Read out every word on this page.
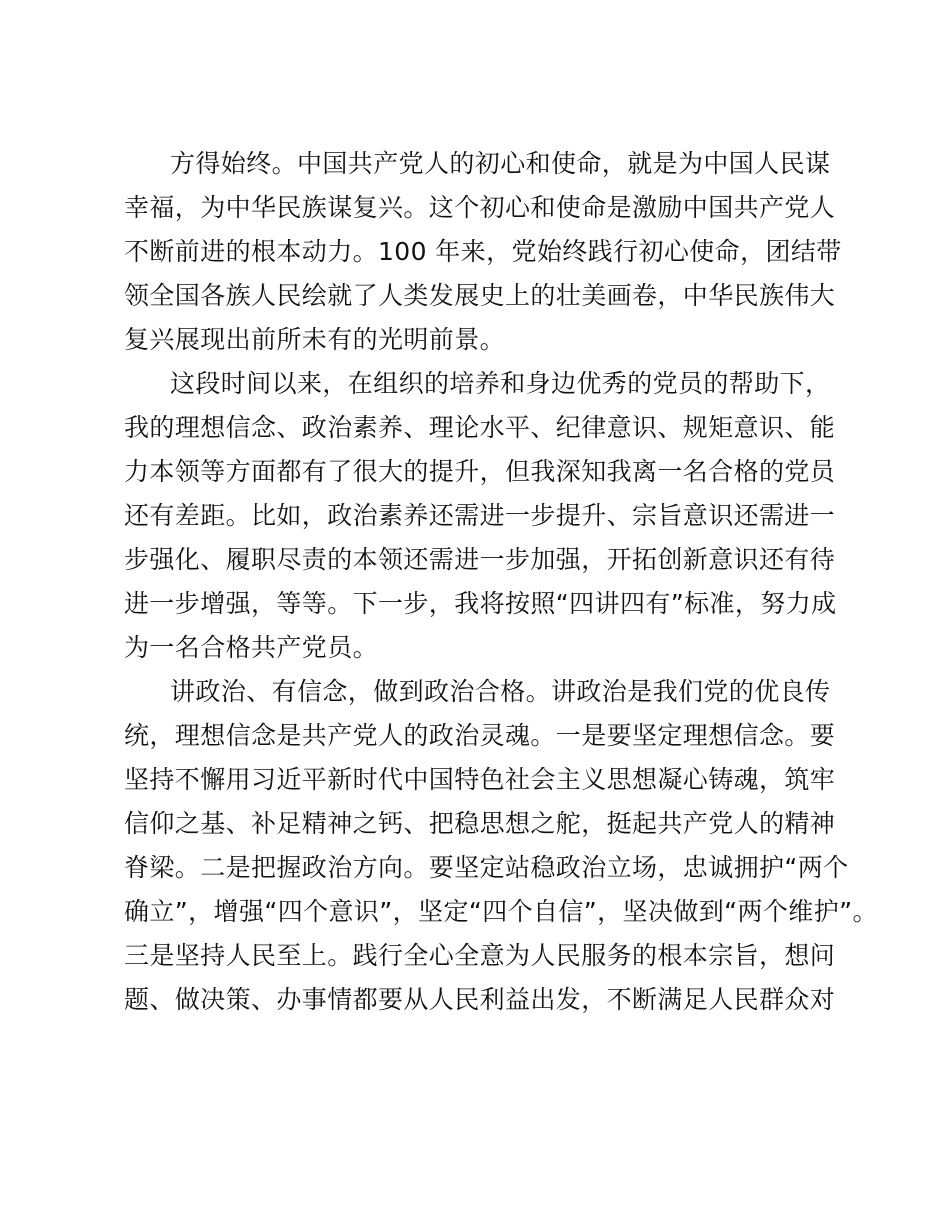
方得始终。中国共产党人的初心和使命，就是为中国人民谋
幸福，为中华民族谋复兴。这个初心和使命是激励中国共产党人
不断前进的根本动力。100 年来，党始终践行初心使命，团结带
领全国各族人民绘就了人类发展史上的壮美画卷，中华民族伟大
复兴展现出前所未有的光明前景。
这段时间以来，在组织的培养和身边优秀的党员的帮助下，
我的理想信念、政治素养、理论水平、纪律意识、规矩意识、能
力本领等方面都有了很大的提升，但我深知我离一名合格的党员
还有差距。比如，政治素养还需进一步提升、宗旨意识还需进一
步强化、履职尽责的本领还需进一步加强，开拓创新意识还有待
进一步增强，等等。下一步，我将按照“四讲四有”标准，努力成
为一名合格共产党员。
讲政治、有信念，做到政治合格。讲政治是我们党的优良传
统，理想信念是共产党人的政治灵魂。一是要坚定理想信念。要
坚持不懈用习近平新时代中国特色社会主义思想凝心铸魂，筑牢
信仰之基、补足精神之钙、把稳思想之舵，挺起共产党人的精神
脊梁。二是把握政治方向。要坚定站稳政治立场，忠诚拥护“两个
确立”，增强“四个意识”，坚定“四个自信”，坚决做到“两个维护”。
三是坚持人民至上。践行全心全意为人民服务的根本宗旨，想问
题、做决策、办事情都要从人民利益出发，不断满足人民群众对
